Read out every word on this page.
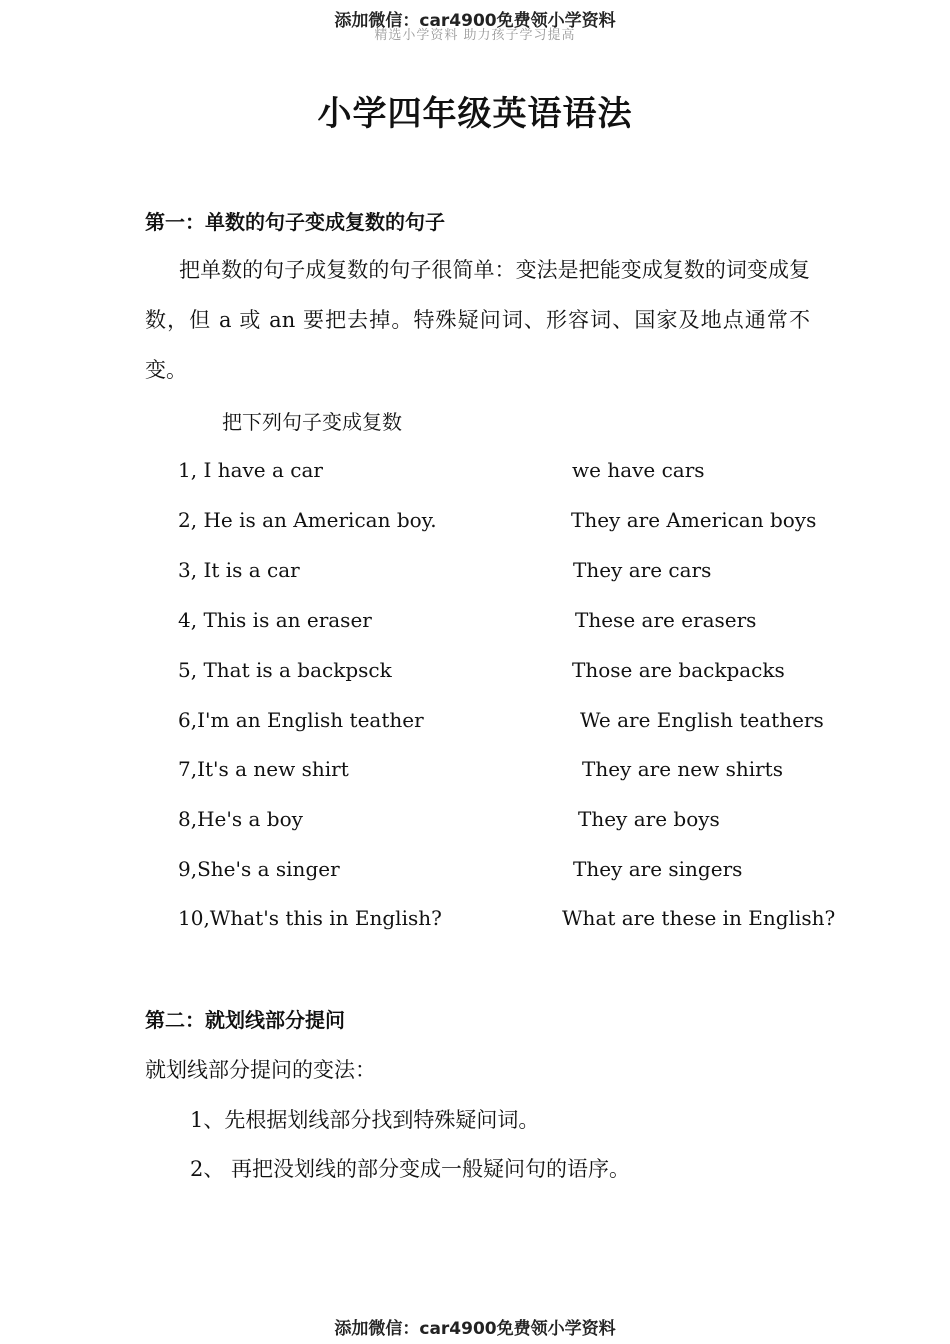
添加微信：car4900免费领小学资料
精选小学资料 助力孩子学习提高
小学四年级英语语法
第一：单数的句子变成复数的句子
把单数的句子成复数的句子很简单：变法是把能变成复数的词变成复数，但 a 或 an 要把去掉。特殊疑问词、形容词、国家及地点通常不变。
把下列句子变成复数
1, I have a car	we have cars
2, He is an American boy.	They are American boys
3, It is a car	They are cars
4, This is an eraser	These are erasers
5, That is a backpsck	Those are backpacks
6,I'm an English teather	We are English teathers
7,It's a new shirt	They are new shirts
8,He's a boy	They are boys
9,She's a singer	They are singers
10,What's this in English?	What are these in English?
第二：就划线部分提问
就划线部分提问的变法：
1、先根据划线部分找到特殊疑问词。
2、 再把没划线的部分变成一般疑问句的语序。
添加微信：car4900免费领小学资料
